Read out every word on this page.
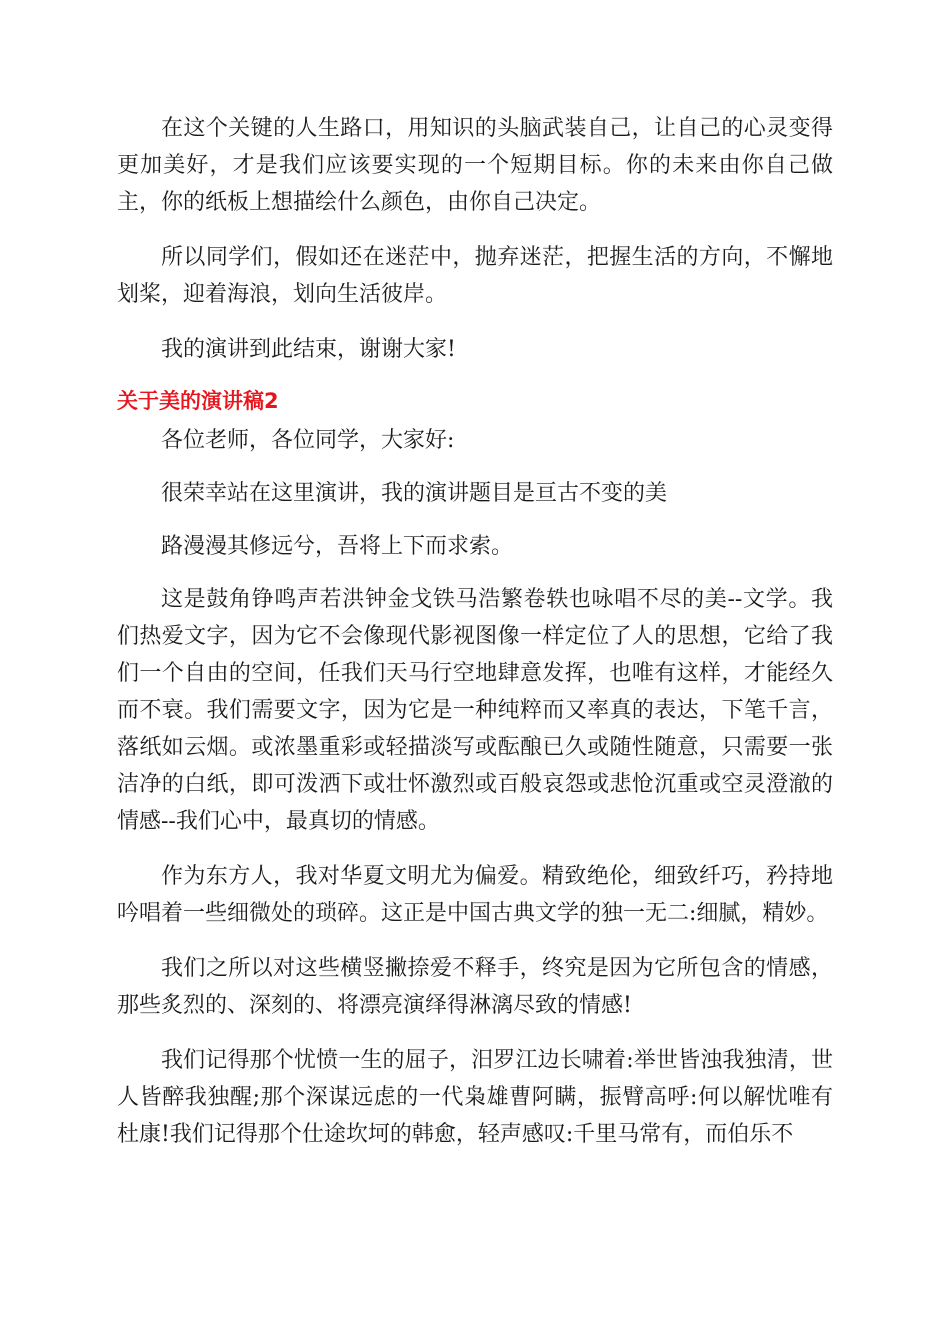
在这个关键的人生路口，用知识的头脑武装自己，让自己的心灵变得更加美好，才是我们应该要实现的一个短期目标。你的未来由你自己做主，你的纸板上想描绘什么颜色，由你自己决定。

所以同学们，假如还在迷茫中，抛弃迷茫，把握生活的方向，不懈地划桨，迎着海浪，划向生活彼岸。

我的演讲到此结束，谢谢大家!

关于美的演讲稿2

各位老师，各位同学，大家好:

很荣幸站在这里演讲，我的演讲题目是亘古不变的美

路漫漫其修远兮，吾将上下而求索。

这是鼓角铮鸣声若洪钟金戈铁马浩繁卷轶也咏唱不尽的美--文学。我们热爱文字，因为它不会像现代影视图像一样定位了人的思想，它给了我们一个自由的空间，任我们天马行空地肆意发挥，也唯有这样，才能经久而不衰。我们需要文字，因为它是一种纯粹而又率真的表达，下笔千言，落纸如云烟。或浓墨重彩或轻描淡写或酝酿已久或随性随意，只需要一张洁净的白纸，即可泼洒下或壮怀激烈或百般哀怨或悲怆沉重或空灵澄澈的情感--我们心中，最真切的情感。

作为东方人，我对华夏文明尤为偏爱。精致绝伦，细致纤巧，矜持地吟唱着一些细微处的琐碎。这正是中国古典文学的独一无二:细腻，精妙。

我们之所以对这些横竖撇捺爱不释手，终究是因为它所包含的情感，那些炙烈的、深刻的、将漂亮演绎得淋漓尽致的情感!

我们记得那个忧愤一生的屈子，汨罗江边长啸着:举世皆浊我独清，世人皆醉我独醒;那个深谋远虑的一代枭雄曹阿瞒，振臂高呼:何以解忧唯有杜康!我们记得那个仕途坎坷的韩愈，轻声感叹:千里马常有，而伯乐不
